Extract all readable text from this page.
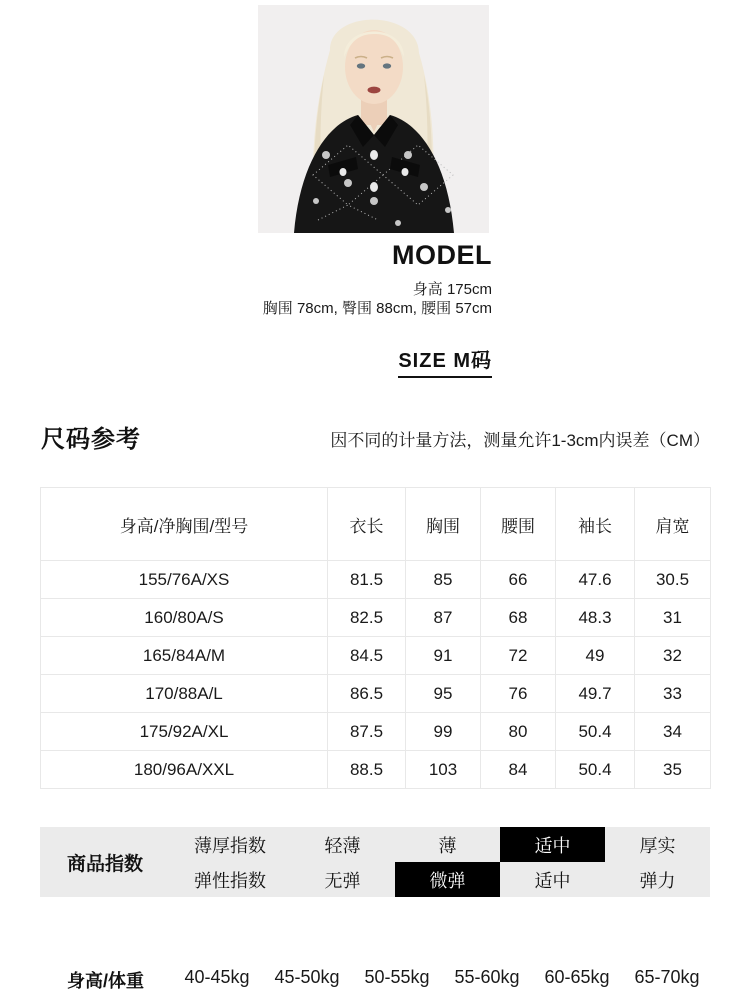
MODEL
身高 175cm
胸围 78cm, 臀围 88cm, 腰围 57cm
SIZE M码
尺码参考	因不同的计量方法，测量允许1-3cm内误差（CM）
身高/净胸围/型号	衣长	胸围	腰围	袖长	肩宽
155/76A/XS	81.5	85	66	47.6	30.5
160/80A/S	82.5	87	68	48.3	31
165/84A/M	84.5	91	72	49	32
170/88A/L	86.5	95	76	49.7	33
175/92A/XL	87.5	99	80	50.4	34
180/96A/XXL	88.5	103	84	50.4	35
商品指数
薄厚指数	轻薄	薄	适中	厚实
弹性指数	无弹	微弹	适中	弹力
身高/体重	40-45kg	45-50kg	50-55kg	55-60kg	60-65kg	65-70kg
